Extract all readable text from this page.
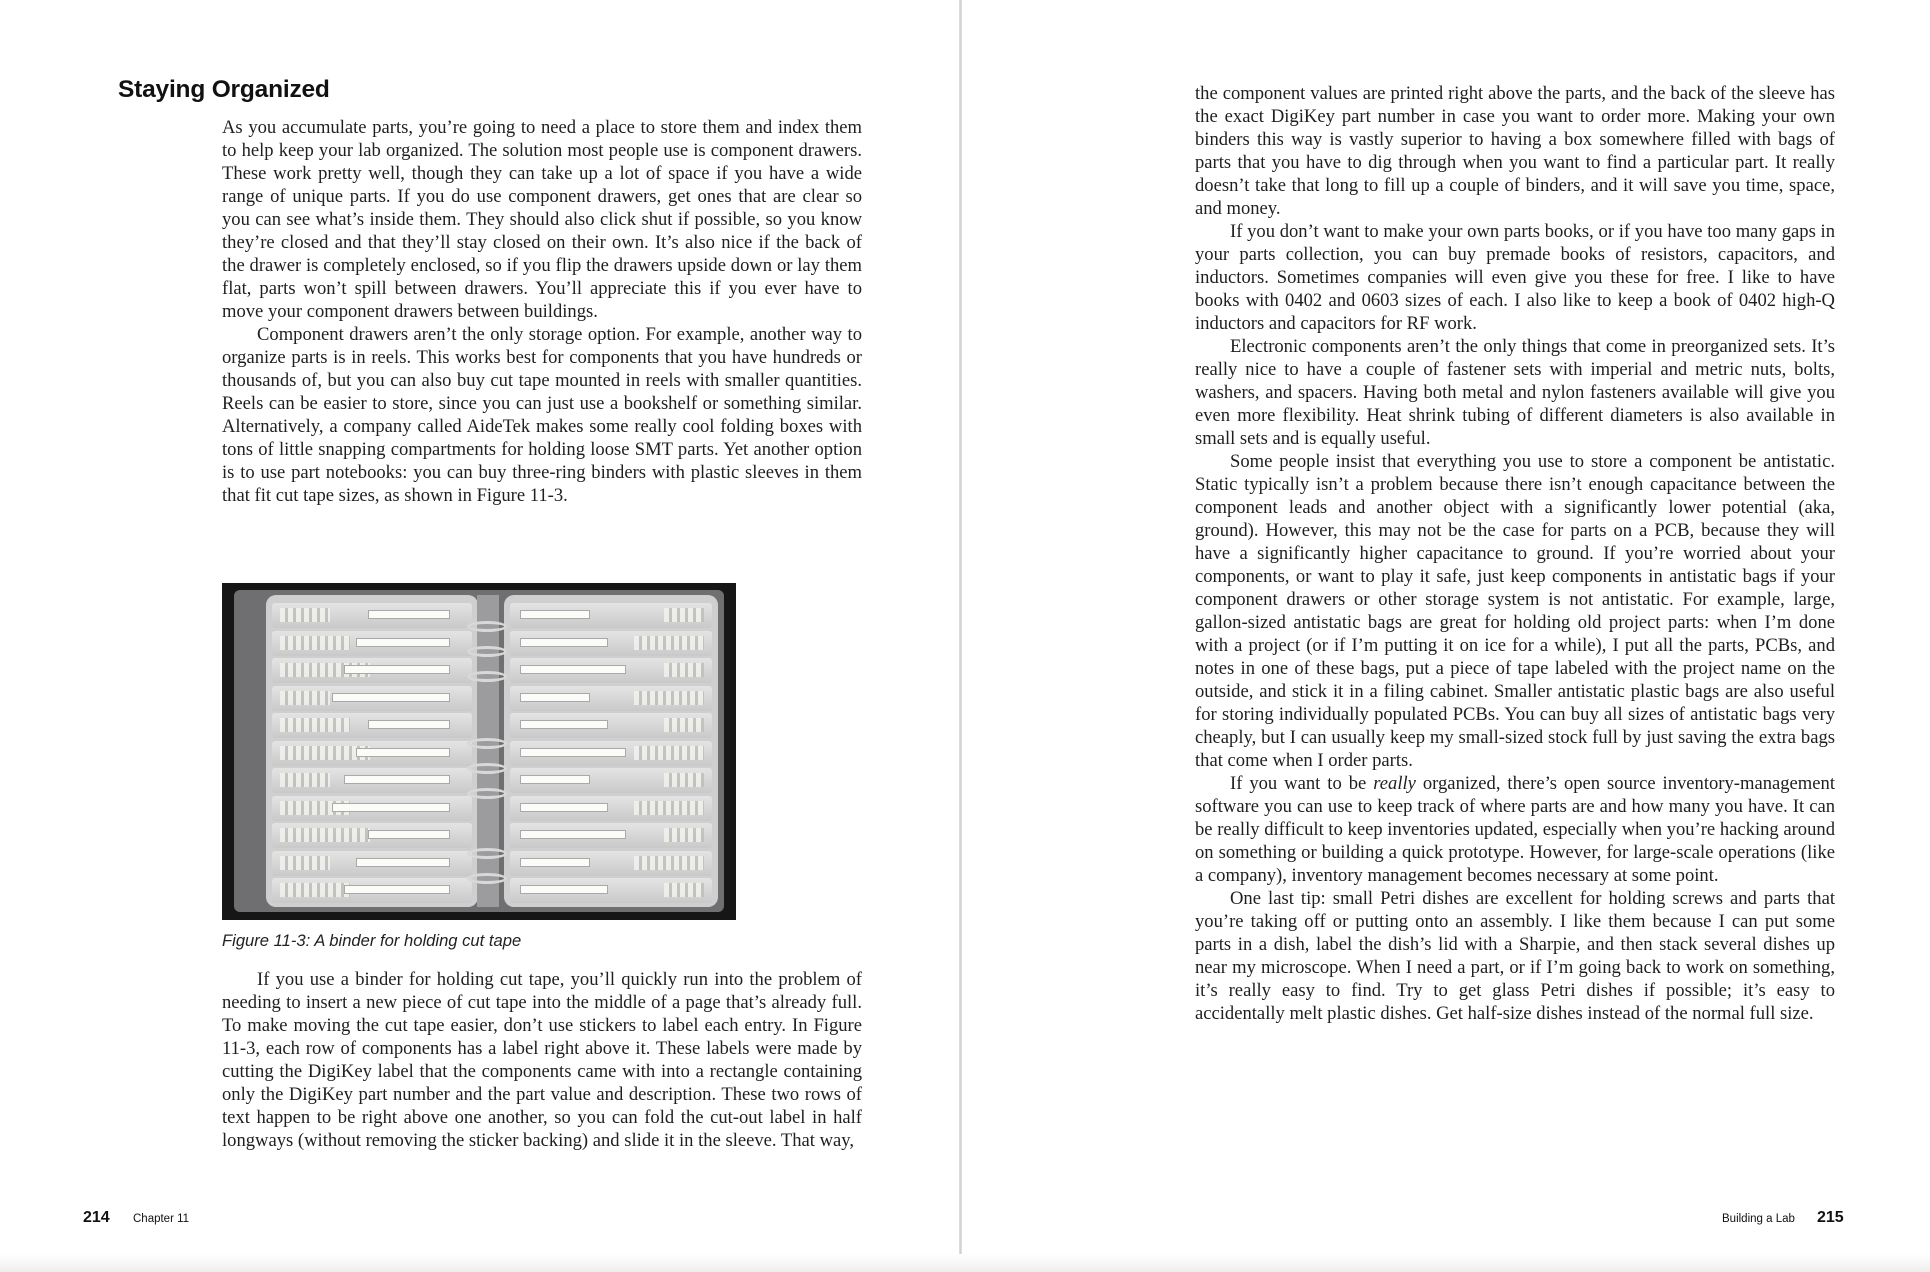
Staying Organized

As you accumulate parts, you’re going to need a place to store them and index them to help keep your lab organized. The solution most people use is component drawers. These work pretty well, though they can take up a lot of space if you have a wide range of unique parts. If you do use component drawers, get ones that are clear so you can see what’s inside them. They should also click shut if possible, so you know they’re closed and that they’ll stay closed on their own. It’s also nice if the back of the drawer is completely enclosed, so if you flip the drawers upside down or lay them flat, parts won’t spill between drawers. You’ll appreciate this if you ever have to move your component drawers between buildings.

Component drawers aren’t the only storage option. For example, another way to organize parts is in reels. This works best for components that you have hundreds or thousands of, but you can also buy cut tape mounted in reels with smaller quantities. Reels can be easier to store, since you can just use a bookshelf or something similar. Alternatively, a company called AideTek makes some really cool folding boxes with tons of little snapping compartments for holding loose SMT parts. Yet another option is to use part notebooks: you can buy three-ring binders with plastic sleeves in them that fit cut tape sizes, as shown in Figure 11-3.

Figure 11-3: A binder for holding cut tape

If you use a binder for holding cut tape, you’ll quickly run into the problem of needing to insert a new piece of cut tape into the middle of a page that’s already full. To make moving the cut tape easier, don’t use stickers to label each entry. In Figure 11-3, each row of components has a label right above it. These labels were made by cutting the DigiKey label that the components came with into a rectangle containing only the DigiKey part number and the part value and description. These two rows of text happen to be right above one another, so you can fold the cut-out label in half longways (without removing the sticker backing) and slide it in the sleeve. That way,

214 Chapter 11

the component values are printed right above the parts, and the back of the sleeve has the exact DigiKey part number in case you want to order more. Making your own binders this way is vastly superior to having a box somewhere filled with bags of parts that you have to dig through when you want to find a particular part. It really doesn’t take that long to fill up a couple of binders, and it will save you time, space, and money.

If you don’t want to make your own parts books, or if you have too many gaps in your parts collection, you can buy premade books of resistors, capacitors, and inductors. Sometimes companies will even give you these for free. I like to have books with 0402 and 0603 sizes of each. I also like to keep a book of 0402 high-Q inductors and capacitors for RF work.

Electronic components aren’t the only things that come in preorganized sets. It’s really nice to have a couple of fastener sets with imperial and metric nuts, bolts, washers, and spacers. Having both metal and nylon fasteners available will give you even more flexibility. Heat shrink tubing of different diameters is also available in small sets and is equally useful.

Some people insist that everything you use to store a component be antistatic. Static typically isn’t a problem because there isn’t enough capacitance between the component leads and another object with a significantly lower potential (aka, ground). However, this may not be the case for parts on a PCB, because they will have a significantly higher capacitance to ground. If you’re worried about your components, or want to play it safe, just keep components in antistatic bags if your component drawers or other storage system is not antistatic. For example, large, gallon-sized antistatic bags are great for holding old project parts: when I’m done with a project (or if I’m putting it on ice for a while), I put all the parts, PCBs, and notes in one of these bags, put a piece of tape labeled with the project name on the outside, and stick it in a filing cabinet. Smaller antistatic plastic bags are also useful for storing individually populated PCBs. You can buy all sizes of antistatic bags very cheaply, but I can usually keep my small-sized stock full by just saving the extra bags that come when I order parts.

If you want to be really organized, there’s open source inventory-management software you can use to keep track of where parts are and how many you have. It can be really difficult to keep inventories updated, especially when you’re hacking around on something or building a quick prototype. However, for large-scale operations (like a company), inventory management becomes necessary at some point.

One last tip: small Petri dishes are excellent for holding screws and parts that you’re taking off or putting onto an assembly. I like them because I can put some parts in a dish, label the dish’s lid with a Sharpie, and then stack several dishes up near my microscope. When I need a part, or if I’m going back to work on something, it’s really easy to find. Try to get glass Petri dishes if possible; it’s easy to accidentally melt plastic dishes. Get half-size dishes instead of the normal full size.

Building a Lab 215
